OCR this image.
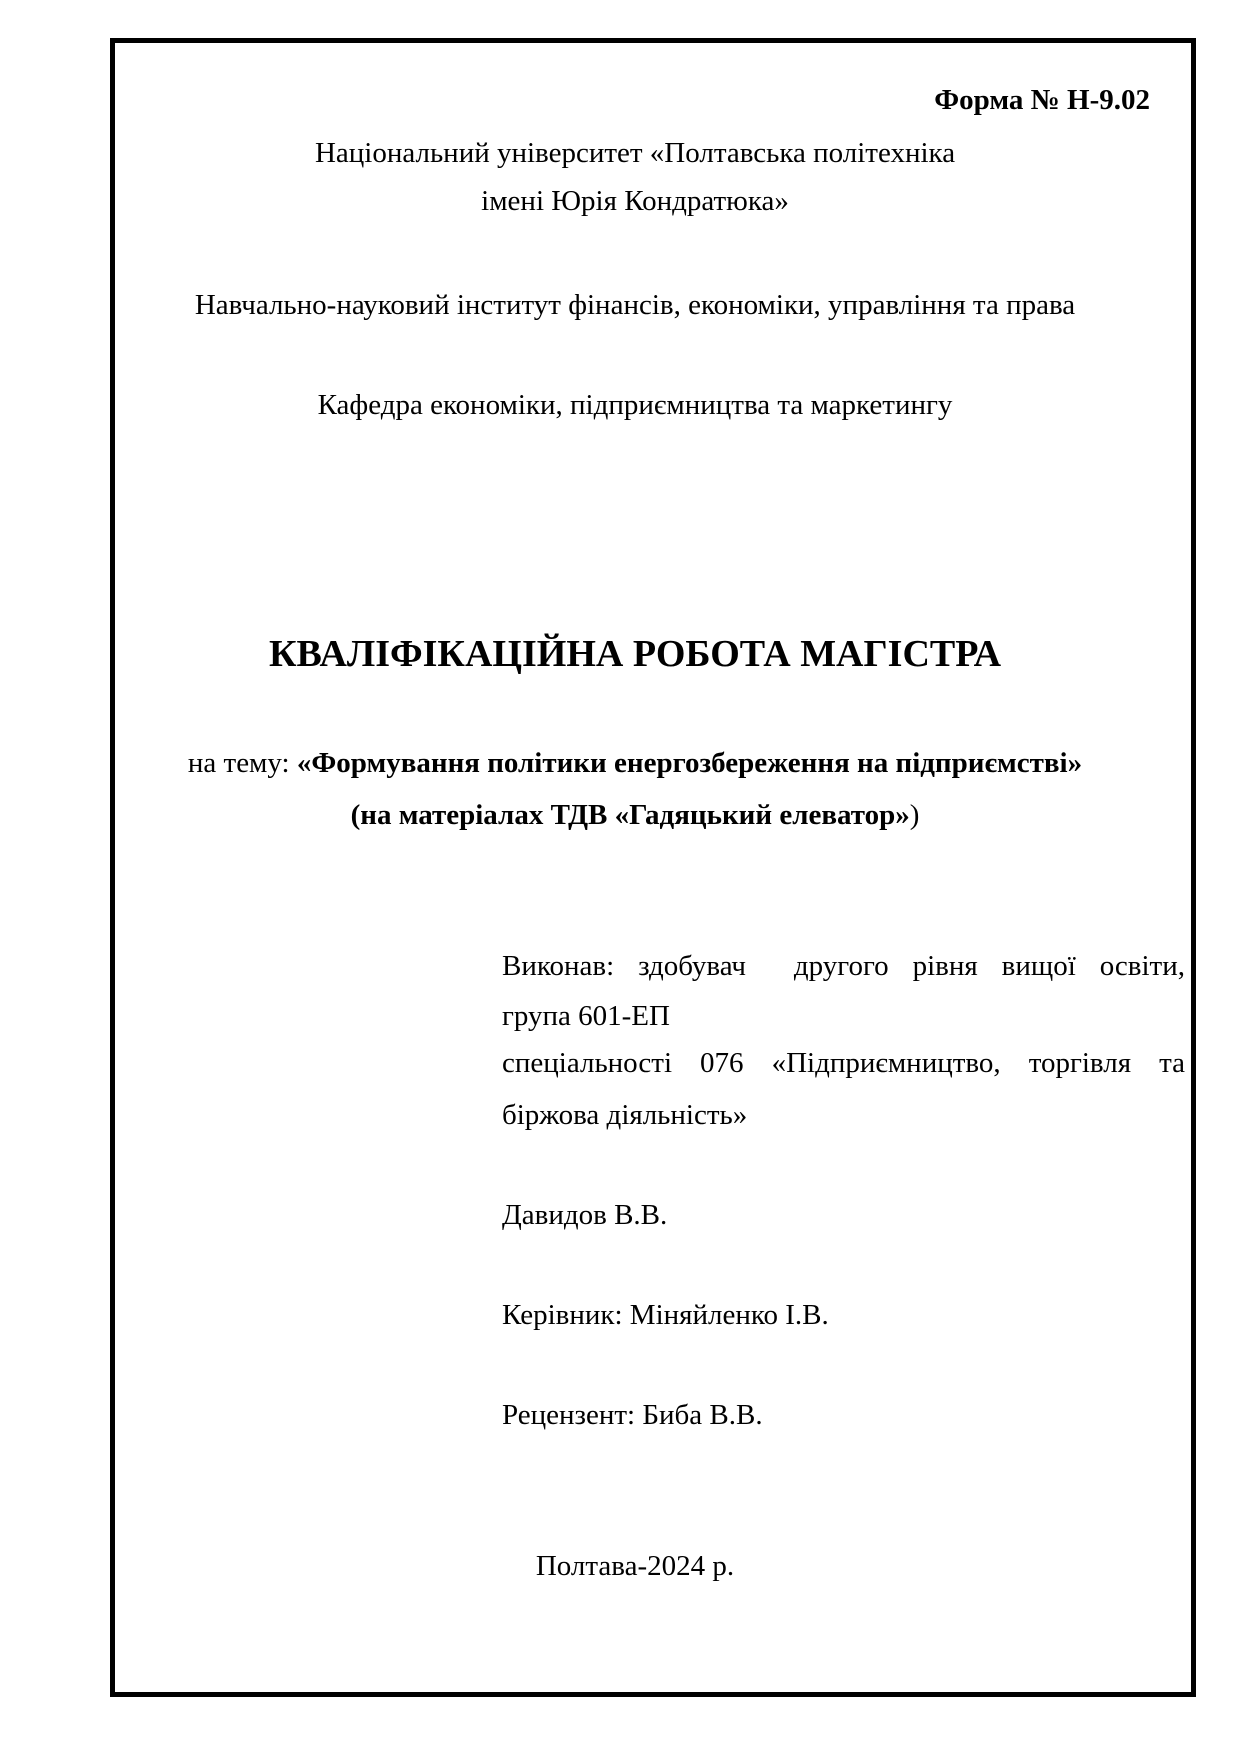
Форма № Н-9.02
Національний університет «Полтавська політехніка
імені Юрія Кондратюка»
Навчально-науковий інститут фінансів, економіки, управління та права
Кафедра економіки, підприємництва та маркетингу
КВАЛІФІКАЦІЙНА РОБОТА МАГІСТРА
на тему: «Формування політики енергозбереження на підприємстві»
(на матеріалах ТДВ «Гадяцький елеватор»)
Виконав: здобувач  другого рівня вищої освіти,
група 601-ЕП
спеціальності 076 «Підприємництво, торгівля та
біржова діяльність»
Давидов В.В.
Керівник: Міняйленко І.В.
Рецензент: Биба В.В.
Полтава-2024 р.
